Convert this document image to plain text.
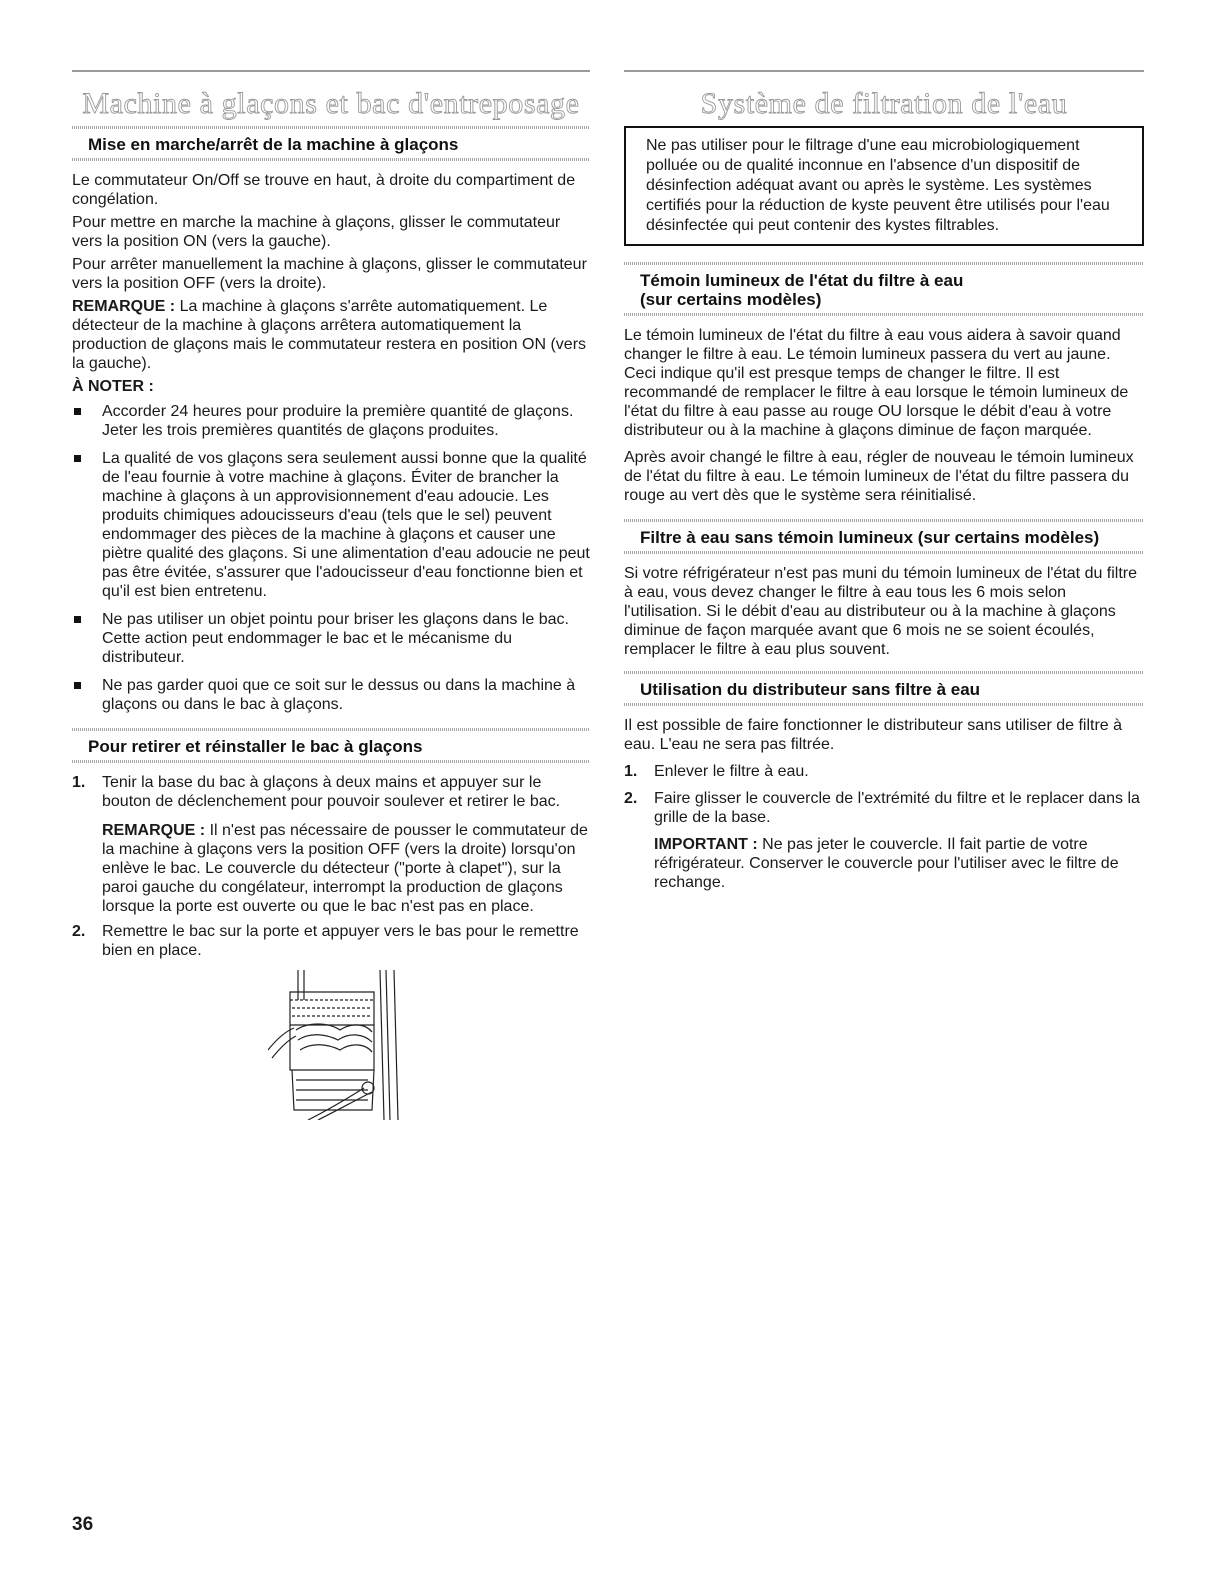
Machine à glaçons et bac d'entreposage
Mise en marche/arrêt de la machine à glaçons

Le commutateur On/Off se trouve en haut, à droite du compartiment de congélation.

Pour mettre en marche la machine à glaçons, glisser le commutateur vers la position ON (vers la gauche).

Pour arrêter manuellement la machine à glaçons, glisser le commutateur vers la position OFF (vers la droite).

REMARQUE : La machine à glaçons s'arrête automatiquement. Le détecteur de la machine à glaçons arrêtera automatiquement la production de glaçons mais le commutateur restera en position ON (vers la gauche).

À NOTER :

Accorder 24 heures pour produire la première quantité de glaçons. Jeter les trois premières quantités de glaçons produites.
La qualité de vos glaçons sera seulement aussi bonne que la qualité de l'eau fournie à votre machine à glaçons. Éviter de brancher la machine à glaçons à un approvisionnement d'eau adoucie. Les produits chimiques adoucisseurs d'eau (tels que le sel) peuvent endommager des pièces de la machine à glaçons et causer une piètre qualité des glaçons. Si une alimentation d'eau adoucie ne peut pas être évitée, s'assurer que l'adoucisseur d'eau fonctionne bien et qu'il est bien entretenu.
Ne pas utiliser un objet pointu pour briser les glaçons dans le bac. Cette action peut endommager le bac et le mécanisme du distributeur.
Ne pas garder quoi que ce soit sur le dessus ou dans la machine à glaçons ou dans le bac à glaçons.
Pour retirer et réinstaller le bac à glaçons
1. Tenir la base du bac à glaçons à deux mains et appuyer sur le bouton de déclenchement pour pouvoir soulever et retirer le bac.
REMARQUE : Il n'est pas nécessaire de pousser le commutateur de la machine à glaçons vers la position OFF (vers la droite) lorsqu'on enlève le bac. Le couvercle du détecteur ("porte à clapet"), sur la paroi gauche du congélateur, interrompt la production de glaçons lorsque la porte est ouverte ou que le bac n'est pas en place.
2. Remettre le bac sur la porte et appuyer vers le bas pour le remettre bien en place.
Système de filtration de l'eau

Ne pas utiliser pour le filtrage d'une eau microbiologiquement polluée ou de qualité inconnue en l'absence d'un dispositif de désinfection adéquat avant ou après le système. Les systèmes certifiés pour la réduction de kyste peuvent être utilisés pour l'eau désinfectée qui peut contenir des kystes filtrables.

Témoin lumineux de l'état du filtre à eau
(sur certains modèles)

Le témoin lumineux de l'état du filtre à eau vous aidera à savoir quand changer le filtre à eau. Le témoin lumineux passera du vert au jaune. Ceci indique qu'il est presque temps de changer le filtre. Il est recommandé de remplacer le filtre à eau lorsque le témoin lumineux de l'état du filtre à eau passe au rouge OU lorsque le débit d'eau à votre distributeur ou à la machine à glaçons diminue de façon marquée.

Après avoir changé le filtre à eau, régler de nouveau le témoin lumineux de l'état du filtre à eau. Le témoin lumineux de l'état du filtre passera du rouge au vert dès que le système sera réinitialisé.

Filtre à eau sans témoin lumineux (sur certains modèles)

Si votre réfrigérateur n'est pas muni du témoin lumineux de l'état du filtre à eau, vous devez changer le filtre à eau tous les 6 mois selon l'utilisation. Si le débit d'eau au distributeur ou à la machine à glaçons diminue de façon marquée avant que 6 mois ne se soient écoulés, remplacer le filtre à eau plus souvent.

Utilisation du distributeur sans filtre à eau

Il est possible de faire fonctionner le distributeur sans utiliser de filtre à eau. L'eau ne sera pas filtrée.

1. Enlever le filtre à eau.
2. Faire glisser le couvercle de l'extrémité du filtre et le replacer dans la grille de la base.
IMPORTANT : Ne pas jeter le couvercle. Il fait partie de votre réfrigérateur. Conserver le couvercle pour l'utiliser avec le filtre de rechange.
36
